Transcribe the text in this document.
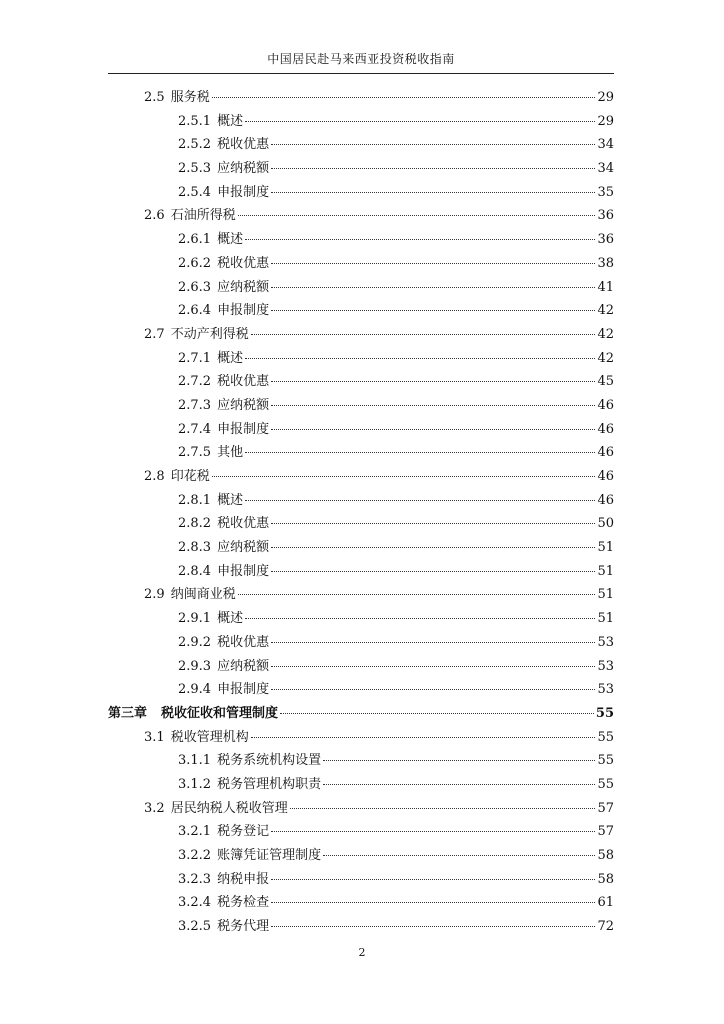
中国居民赴马来西亚投资税收指南
2.5 服务税	29
2.5.1 概述	29
2.5.2 税收优惠	34
2.5.3 应纳税额	34
2.5.4 申报制度	35
2.6 石油所得税	36
2.6.1 概述	36
2.6.2 税收优惠	38
2.6.3 应纳税额	41
2.6.4 申报制度	42
2.7 不动产利得税	42
2.7.1 概述	42
2.7.2 税收优惠	45
2.7.3 应纳税额	46
2.7.4 申报制度	46
2.7.5 其他	46
2.8 印花税	46
2.8.1 概述	46
2.8.2 税收优惠	50
2.8.3 应纳税额	51
2.8.4 申报制度	51
2.9 纳闽商业税	51
2.9.1 概述	51
2.9.2 税收优惠	53
2.9.3 应纳税额	53
2.9.4 申报制度	53
第三章 税收征收和管理制度	55
3.1 税收管理机构	55
3.1.1 税务系统机构设置	55
3.1.2 税务管理机构职责	55
3.2 居民纳税人税收管理	57
3.2.1 税务登记	57
3.2.2 账簿凭证管理制度	58
3.2.3 纳税申报	58
3.2.4 税务检查	61
3.2.5 税务代理	72
2
